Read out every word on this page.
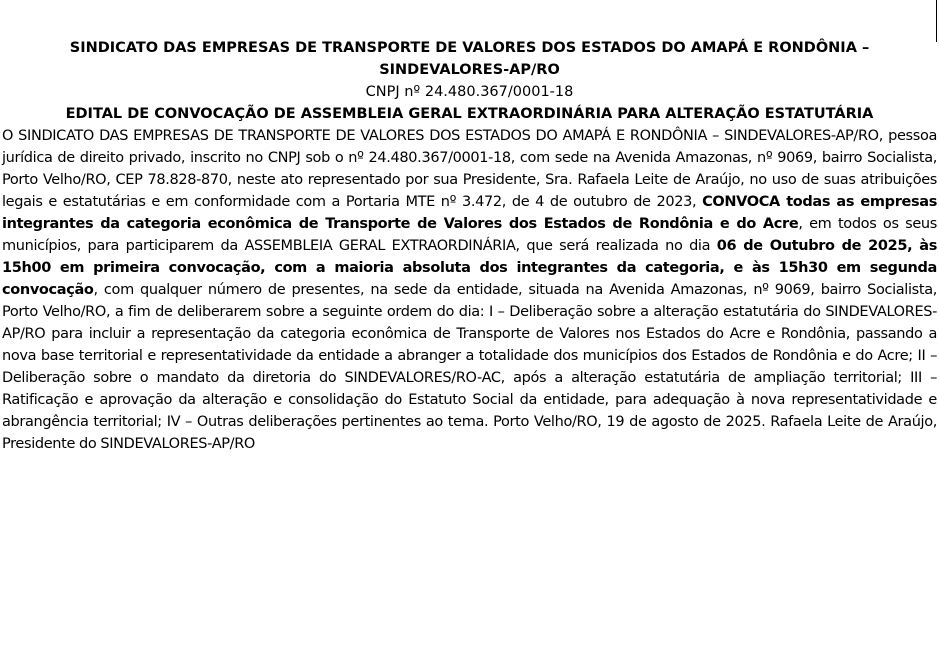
SINDICATO DAS EMPRESAS DE TRANSPORTE DE VALORES DOS ESTADOS DO AMAPÁ E RONDÔNIA –
SINDEVALORES-AP/RO

CNPJ nº 24.480.367/0001-18

EDITAL DE CONVOCAÇÃO DE ASSEMBLEIA GERAL EXTRAORDINÁRIA PARA ALTERAÇÃO ESTATUTÁRIA

O SINDICATO DAS EMPRESAS DE TRANSPORTE DE VALORES DOS ESTADOS DO AMAPÁ E RONDÔNIA – SINDEVALORES-AP/RO, pessoa jurídica de direito privado, inscrito no CNPJ sob o nº 24.480.367/0001-18, com sede na Avenida Amazonas, nº 9069, bairro Socialista, Porto Velho/RO, CEP 78.828-870, neste ato representado por sua Presidente, Sra. Rafaela Leite de Araújo, no uso de suas atribuições legais e estatutárias e em conformidade com a Portaria MTE nº 3.472, de 4 de outubro de 2023, CONVOCA todas as empresas integrantes da categoria econômica de Transporte de Valores dos Estados de Rondônia e do Acre, em todos os seus municípios, para participarem da ASSEMBLEIA GERAL EXTRAORDINÁRIA, que será realizada no dia 06 de Outubro de 2025, às 15h00 em primeira convocação, com a maioria absoluta dos integrantes da categoria, e às 15h30 em segunda convocação, com qualquer número de presentes, na sede da entidade, situada na Avenida Amazonas, nº 9069, bairro Socialista, Porto Velho/RO, a fim de deliberarem sobre a seguinte ordem do dia: I – Deliberação sobre a alteração estatutária do SINDEVALORES-AP/RO para incluir a representação da categoria econômica de Transporte de Valores nos Estados do Acre e Rondônia, passando a nova base territorial e representatividade da entidade a abranger a totalidade dos municípios dos Estados de Rondônia e do Acre; II – Deliberação sobre o mandato da diretoria do SINDEVALORES/RO-AC, após a alteração estatutária de ampliação territorial; III – Ratificação e aprovação da alteração e consolidação do Estatuto Social da entidade, para adequação à nova representatividade e abrangência territorial; IV – Outras deliberações pertinentes ao tema. Porto Velho/RO, 19 de agosto de 2025. Rafaela Leite de Araújo, Presidente do SINDEVALORES-AP/RO
